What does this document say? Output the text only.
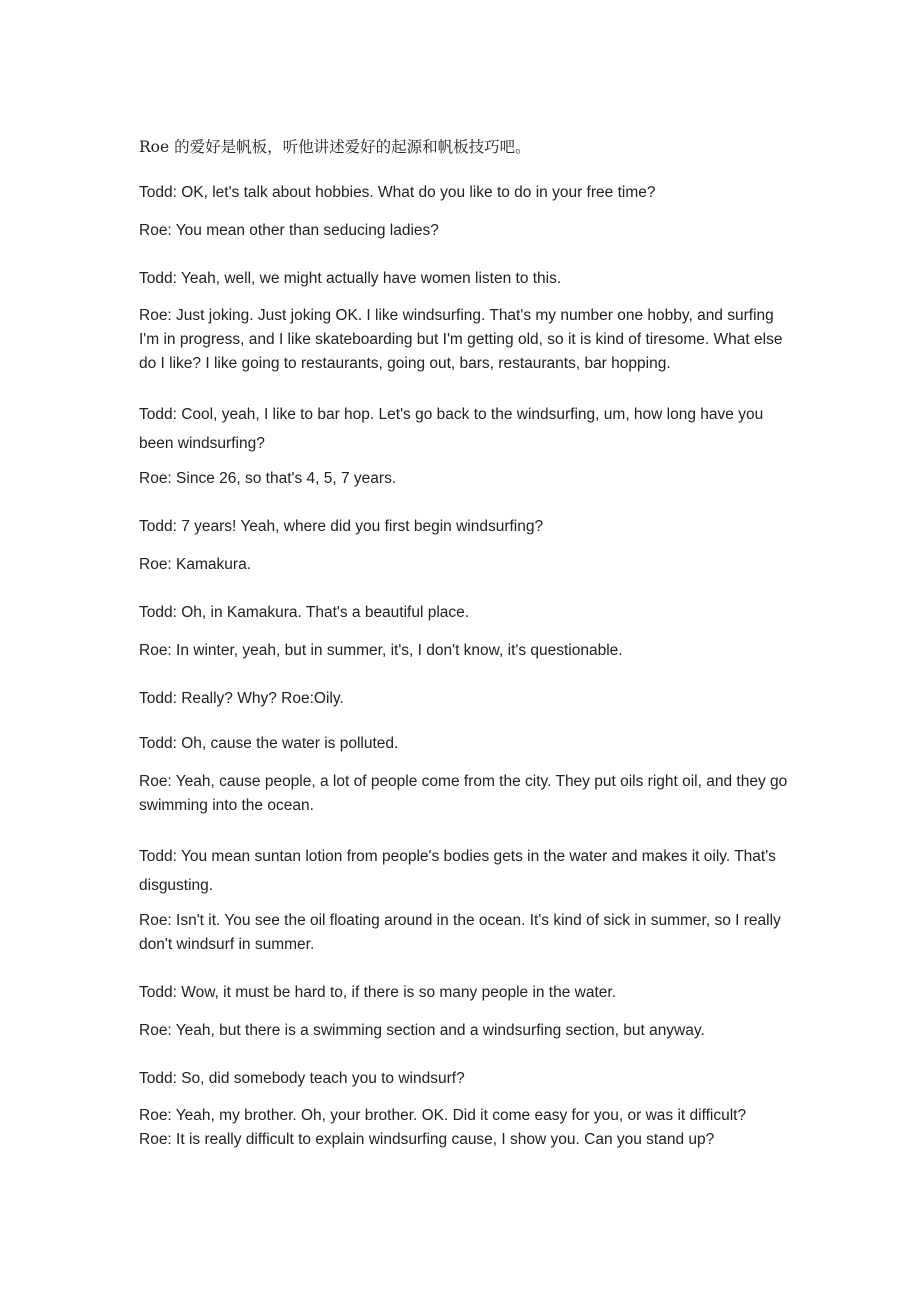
Roe 的爱好是帆板，听他讲述爱好的起源和帆板技巧吧。

Todd: OK, let's talk about hobbies. What do you like to do in your free time?

Roe: You mean other than seducing ladies?

Todd: Yeah, well, we might actually have women listen to this.

Roe: Just joking. Just joking OK. I like windsurfing. That's my number one hobby, and surfing I'm in progress, and I like skateboarding but I'm getting old, so it is kind of tiresome. What else do I like? I like going to restaurants, going out, bars, restaurants, bar hopping.

Todd: Cool, yeah, I like to bar hop. Let's go back to the windsurfing, um, how long have you been windsurfing?

Roe: Since 26, so that's 4, 5, 7 years.

Todd: 7 years! Yeah, where did you first begin windsurfing?

Roe: Kamakura.

Todd: Oh, in Kamakura. That's a beautiful place.

Roe: In winter, yeah, but in summer, it's, I don't know, it's questionable.

Todd: Really? Why? Roe:Oily.

Todd: Oh, cause the water is polluted.

Roe: Yeah, cause people, a lot of people come from the city. They put oils right oil, and they go swimming into the ocean.

Todd: You mean suntan lotion from people's bodies gets in the water and makes it oily. That's disgusting.

Roe: Isn't it. You see the oil floating around in the ocean. It's kind of sick in summer, so I really don't windsurf in summer.

Todd: Wow, it must be hard to, if there is so many people in the water.

Roe: Yeah, but there is a swimming section and a windsurfing section, but anyway.

Todd: So, did somebody teach you to windsurf?

Roe: Yeah, my brother. Oh, your brother. OK. Did it come easy for you, or was it difficult?

Roe: It is really difficult to explain windsurfing cause, I show you. Can you stand up?
